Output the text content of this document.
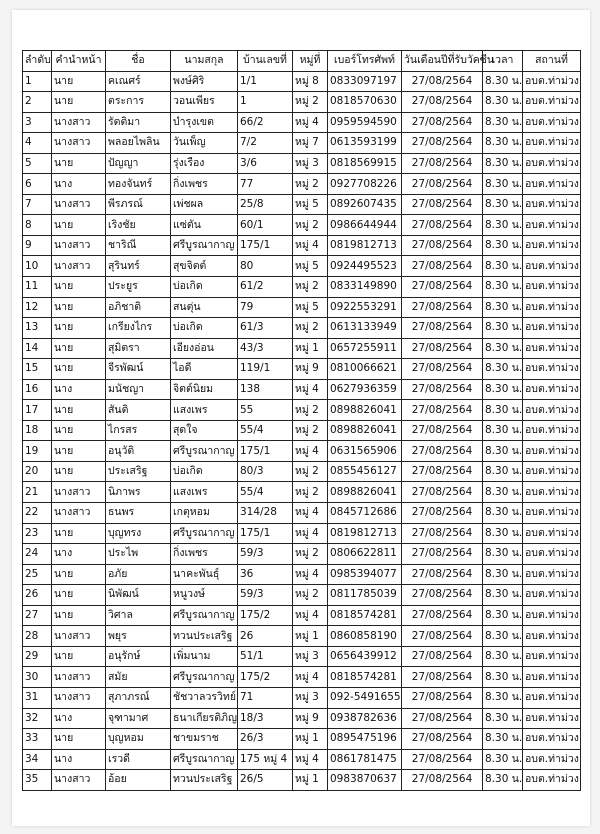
ลำดับ	คำนำหน้า	ชื่อ	นามสกุล	บ้านเลขที่	หมู่ที่	เบอร์โทรศัพท์	วันเดือนปีที่รับวัคซีน	เวลา	สถานที่
1	นาย	คเณศร์	พงษ์ศิริ	1/1	หมู่ 8	0833097197	27/08/2564	8.30 น.	อบต.ท่าม่วง
2	นาย	ตระการ	วอนเพียร	1	หมู่ 2	0818570630	27/08/2564	8.30 น.	อบต.ท่าม่วง
3	นางสาว	รัตติมา	บำรุงเขต	66/2	หมู่ 4	0959594590	27/08/2564	8.30 น.	อบต.ท่าม่วง
4	นางสาว	พลอยไพลิน	วันเพ็ญ	7/2	หมู่ 7	0613593199	27/08/2564	8.30 น.	อบต.ท่าม่วง
5	นาย	ปัญญา	รุ่งเรือง	3/6	หมู่ 3	0818569915	27/08/2564	8.30 น.	อบต.ท่าม่วง
6	นาง	ทองจันทร์	กิ่งเพชร	77	หมู่ 2	0927708226	27/08/2564	8.30 น.	อบต.ท่าม่วง
7	นางสาว	พีรภรณ์	เพ่ชผล	25/8	หมู่ 5	0892607435	27/08/2564	8.30 น.	อบต.ท่าม่วง
8	นาย	เริงชัย	แซ่ตัน	60/1	หมู่ 2	0986644944	27/08/2564	8.30 น.	อบต.ท่าม่วง
9	นางสาว	ชาริณี	ศรีบูรณากาญ	175/1	หมู่ 4	0819812713	27/08/2564	8.30 น.	อบต.ท่าม่วง
10	นางสาว	สุรินทร์	สุขจิตต์	80	หมู่ 5	0924495523	27/08/2564	8.30 น.	อบต.ท่าม่วง
11	นาย	ประยูร	บ่อเกิด	61/2	หมู่ 2	0833149890	27/08/2564	8.30 น.	อบต.ท่าม่วง
12	นาย	อภิชาติ	สนตุ่น	79	หมู่ 5	0922553291	27/08/2564	8.30 น.	อบต.ท่าม่วง
13	นาย	เกรียงไกร	บ่อเกิด	61/3	หมู่ 2	0613133949	27/08/2564	8.30 น.	อบต.ท่าม่วง
14	นาย	สุมิตรา	เอียงอ่อน	43/3	หมู่ 1	0657255911	27/08/2564	8.30 น.	อบต.ท่าม่วง
15	นาย	จีรพัฒน์	ไอดี	119/1	หมู่ 9	0810066621	27/08/2564	8.30 น.	อบต.ท่าม่วง
16	นาง	มนัชญา	จิตต์นิยม	138	หมู่ 4	0627936359	27/08/2564	8.30 น.	อบต.ท่าม่วง
17	นาย	สันติ	แสงเพร	55	หมู่ 2	0898826041	27/08/2564	8.30 น.	อบต.ท่าม่วง
18	นาย	ไกรสร	สุดใจ	55/4	หมู่ 2	0898826041	27/08/2564	8.30 น.	อบต.ท่าม่วง
19	นาย	อนุวัติ	ศรีบูรณากาญ	175/1	หมู่ 4	0631565906	27/08/2564	8.30 น.	อบต.ท่าม่วง
20	นาย	ประเสริฐ	บ่อเกิด	80/3	หมู่ 2	0855456127	27/08/2564	8.30 น.	อบต.ท่าม่วง
21	นางสาว	นิภาพร	แสงเพร	55/4	หมู่ 2	0898826041	27/08/2564	8.30 น.	อบต.ท่าม่วง
22	นางสาว	ธนพร	เกตุหอม	314/28	หมู่ 4	0845712686	27/08/2564	8.30 น.	อบต.ท่าม่วง
23	นาย	บุญทรง	ศรีบูรณากาญ	175/1	หมู่ 4	0819812713	27/08/2564	8.30 น.	อบต.ท่าม่วง
24	นาง	ประไพ	กิ่งเพชร	59/3	หมู่ 2	0806622811	27/08/2564	8.30 น.	อบต.ท่าม่วง
25	นาย	อภัย	นาคะพันธุ์	36	หมู่ 4	0985394077	27/08/2564	8.30 น.	อบต.ท่าม่วง
26	นาย	นิพัฒน์	หนูวงษ์	59/3	หมู่ 2	0811785039	27/08/2564	8.30 น.	อบต.ท่าม่วง
27	นาย	วิศาล	ศรีบูรณากาญ	175/2	หมู่ 4	0818574281	27/08/2564	8.30 น.	อบต.ท่าม่วง
28	นางสาว	พยุร	ทวนประเสริฐ	26	หมู่ 1	0860858190	27/08/2564	8.30 น.	อบต.ท่าม่วง
29	นาย	อนุรักษ์	เพิ่มนาม	51/1	หมู่ 3	0656439912	27/08/2564	8.30 น.	อบต.ท่าม่วง
30	นางสาว	สมัย	ศรีบูรณากาญ	175/2	หมู่ 4	0818574281	27/08/2564	8.30 น.	อบต.ท่าม่วง
31	นางสาว	สุภาภรณ์	ชัชวาลวรวิทย์	71	หมู่ 3	092-5491655	27/08/2564	8.30 น.	อบต.ท่าม่วง
32	นาง	จุฑามาศ	ธนาเกียรติภิญ	18/3	หมู่ 9	0938782636	27/08/2564	8.30 น.	อบต.ท่าม่วง
33	นาย	บุญหอม	ชาขมราช	26/3	หมู่ 1	0895475196	27/08/2564	8.30 น.	อบต.ท่าม่วง
34	นาง	เรวดี	ศรีบูรณากาญ	175 หมู่ 4	หมู่ 4	0861781475	27/08/2564	8.30 น.	อบต.ท่าม่วง
35	นางสาว	อ้อย	ทวนประเสริฐ	26/5	หมู่ 1	0983870637	27/08/2564	8.30 น.	อบต.ท่าม่วง
